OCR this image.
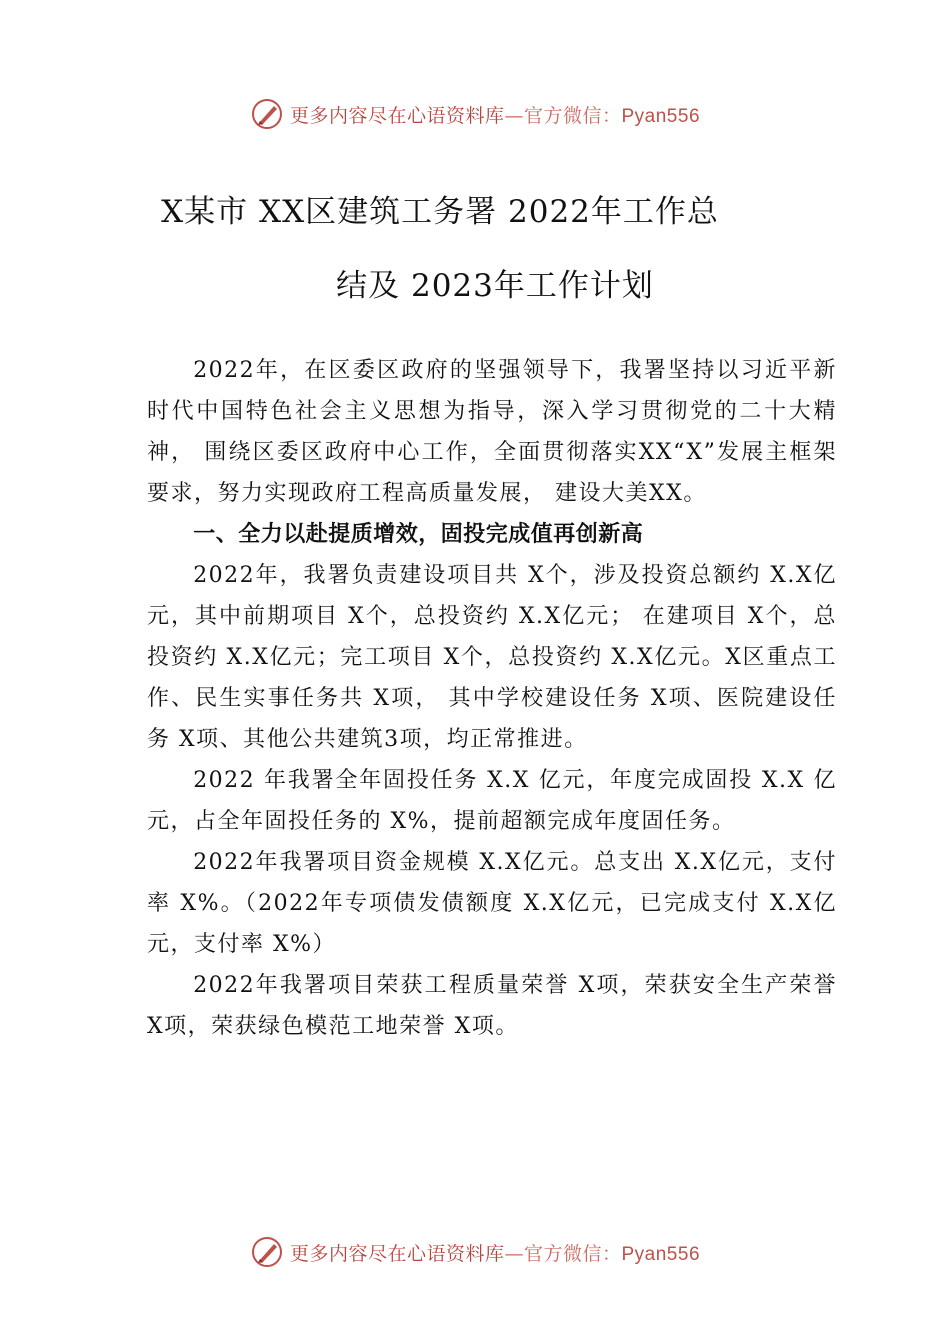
更多内容尽在心语资料库—官方微信：Pyan556
X某市 XX区建筑工务署 2022年工作总
结及 2023年工作计划

2022年，在区委区政府的坚强领导下，我署坚持以习近平新时代中国特色社会主义思想为指导，深入学习贯彻党的二十大精神， 围绕区委区政府中心工作，全面贯彻落实XX“X”发展主框架要求，努力实现政府工程高质量发展， 建设大美XX。

一、全力以赴提质增效，固投完成值再创新高

2022年，我署负责建设项目共 X个，涉及投资总额约 X.X亿元，其中前期项目 X个，总投资约 X.X亿元； 在建项目 X个，总投资约 X.X亿元；完工项目 X个，总投资约 X.X亿元。X区重点工作、民生实事任务共 X项， 其中学校建设任务 X项、医院建设任务 X项、其他公共建筑3项，均正常推进。

2022 年我署全年固投任务 X.X 亿元，年度完成固投 X.X 亿元，占全年固投任务的 X%，提前超额完成年度固任务。

2022年我署项目资金规模 X.X亿元。总支出 X.X亿元，支付率 X%。（2022年专项债发债额度 X.X亿元，已完成支付 X.X亿元，支付率 X%）

2022年我署项目荣获工程质量荣誉 X项，荣获安全生产荣誉 X项，荣获绿色模范工地荣誉 X项。

更多内容尽在心语资料库—官方微信：Pyan556
